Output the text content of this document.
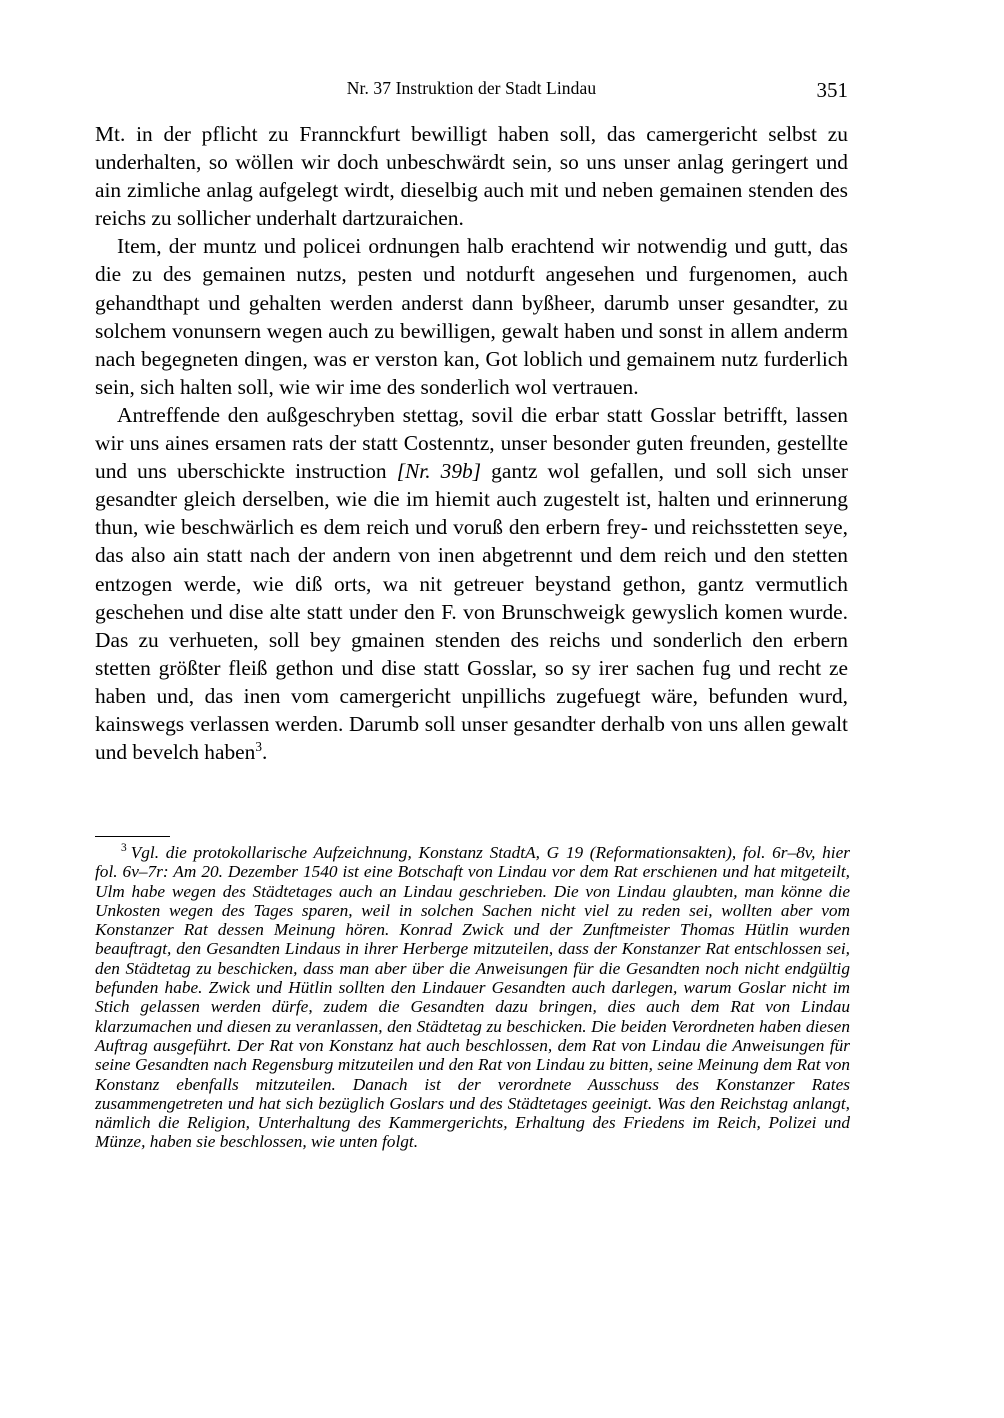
Nr. 37 Instruktion der Stadt Lindau	351

Mt. in der pflicht zu Frannckfurt bewilligt haben soll, das camergericht selbst zu underhalten, so wöllen wir doch unbeschwärdt sein, so uns unser anlag geringert und ain zimliche anlag aufgelegt wirdt, dieselbig auch mit und neben gemainen stenden des reichs zu sollicher underhalt dartzuraichen.

Item, der muntz und policei ordnungen halb erachtend wir notwendig und gutt, das die zu des gemainen nutzs, pesten und notdurft angesehen und furgenomen, auch gehandthapt und gehalten werden anderst dann byßheer, darumb unser gesandter, zu solchem vonunsern wegen auch zu bewilligen, gewalt haben und sonst in allem anderm nach begegneten dingen, was er verston kan, Got loblich und gemainem nutz furderlich sein, sich halten soll, wie wir ime des sonderlich wol vertrauen.

Antreffende den außgeschryben stettag, sovil die erbar statt Gosslar betrifft, lassen wir uns aines ersamen rats der statt Costenntz, unser besonder guten freunden, gestellte und uns uberschickte instruction [Nr. 39b] gantz wol gefallen, und soll sich unser gesandter gleich derselben, wie die im hiemit auch zugestelt ist, halten und erinnerung thun, wie beschwärlich es dem reich und voruß den erbern frey- und reichsstetten seye, das also ain statt nach der andern von inen abgetrennt und dem reich und den stetten entzogen werde, wie diß orts, wa nit getreuer beystand gethon, gantz vermutlich geschehen und dise alte statt under den F. von Brunschweigk gewyslich komen wurde. Das zu verhueten, soll bey gmainen stenden des reichs und sonderlich den erbern stetten größter fleiß gethon und dise statt Gosslar, so sy irer sachen fug und recht ze haben und, das inen vom camergericht unpillichs zugefuegt wäre, befunden wurd, kainswegs verlassen werden. Darumb soll unser gesandter derhalb von uns allen gewalt und bevelch haben$^3$.

$^3$ Vgl. die protokollarische Aufzeichnung, Konstanz StadtA, G 19 (Reformationsakten), fol. 6r–8v, hier fol. 6v–7r: Am 20. Dezember 1540 ist eine Botschaft von Lindau vor dem Rat erschienen und hat mitgeteilt, Ulm habe wegen des Städtetages auch an Lindau geschrieben. Die von Lindau glaubten, man könne die Unkosten wegen des Tages sparen, weil in solchen Sachen nicht viel zu reden sei, wollten aber vom Konstanzer Rat dessen Meinung hören. Konrad Zwick und der Zunftmeister Thomas Hütlin wurden beauftragt, den Gesandten Lindaus in ihrer Herberge mitzuteilen, dass der Konstanzer Rat entschlossen sei, den Städtetag zu beschicken, dass man aber über die Anweisungen für die Gesandten noch nicht endgültig befunden habe. Zwick und Hütlin sollten den Lindauer Gesandten auch darlegen, warum Goslar nicht im Stich gelassen werden dürfe, zudem die Gesandten dazu bringen, dies auch dem Rat von Lindau klarzumachen und diesen zu veranlassen, den Städtetag zu beschicken. Die beiden Verordneten haben diesen Auftrag ausgeführt. Der Rat von Konstanz hat auch beschlossen, dem Rat von Lindau die Anweisungen für seine Gesandten nach Regensburg mitzuteilen und den Rat von Lindau zu bitten, seine Meinung dem Rat von Konstanz ebenfalls mitzuteilen. Danach ist der verordnete Ausschuss des Konstanzer Rates zusammengetreten und hat sich bezüglich Goslars und des Städtetages geeinigt. Was den Reichstag anlangt, nämlich die Religion, Unterhaltung des Kammergerichts, Erhaltung des Friedens im Reich, Polizei und Münze, haben sie beschlossen, wie unten folgt.
